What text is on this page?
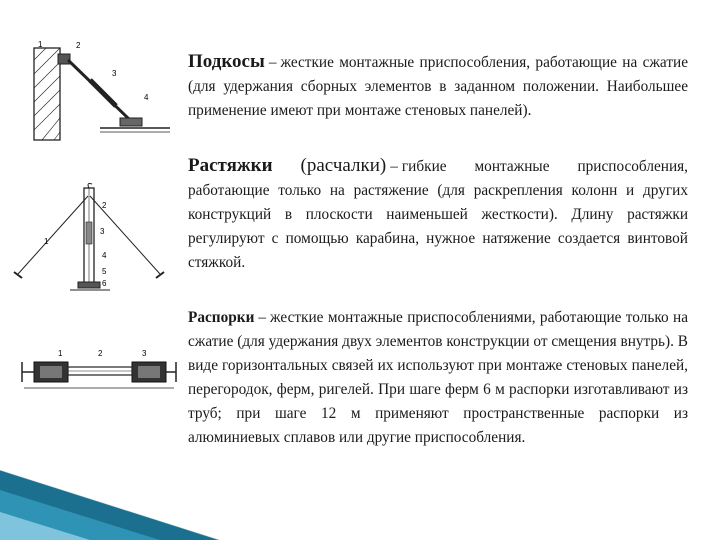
1	2
3
4
1
2
3
4
5
6
1	2	3

Подкосы – жесткие монтажные приспособления, работающие на сжатие (для удержания сборных элементов в заданном положении. Наибольшее применение имеют при монтаже стеновых панелей).

Растяжки (расчалки) – гибкие монтажные приспособления, работающие только на растяжение (для раскрепления колонн и других конструкций в плоскости наименьшей жесткости). Длину растяжки регулируют с помощью карабина, нужное натяжение создается винтовой стяжкой.

Распорки – жесткие монтажные приспособлениями, работающие только на сжатие (для удержания двух элементов конструкции от смещения внутрь). В виде горизонтальных связей их используют при монтаже стеновых панелей, перегородок, ферм, ригелей. При шаге ферм 6 м распорки изготавливают из труб; при шаге 12 м применяют пространственные распорки из алюминиевых сплавов или другие приспособления.
